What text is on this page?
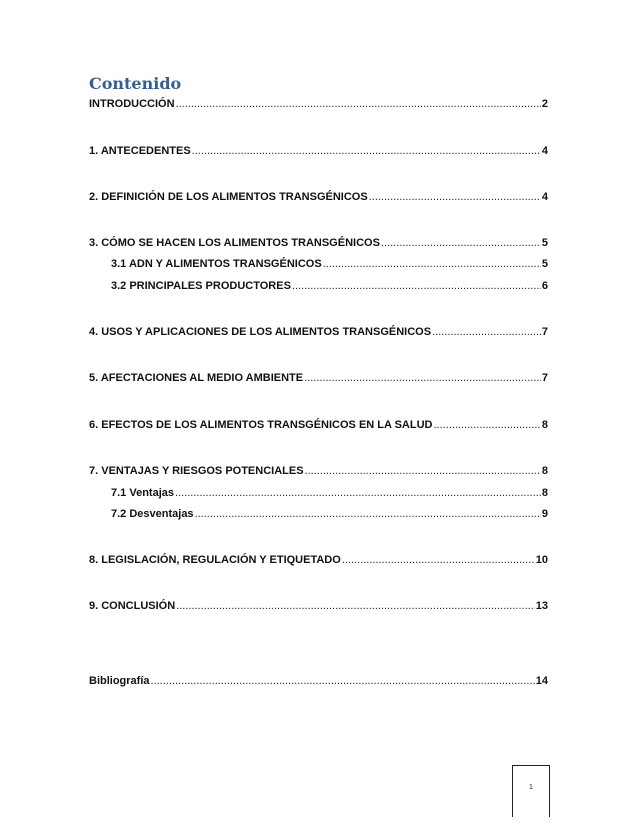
Contenido
INTRODUCCIÓN .....	2
1. ANTECEDENTES .....	4
2. DEFINICIÓN DE LOS ALIMENTOS TRANSGÉNICOS .....	4
3. CÓMO SE HACEN LOS ALIMENTOS TRANSGÉNICOS .....	5
3.1 ADN Y ALIMENTOS TRANSGÉNICOS .....	5
3.2 PRINCIPALES PRODUCTORES .....	6
4. USOS Y APLICACIONES DE LOS ALIMENTOS TRANSGÉNICOS .....	7
5. AFECTACIONES AL MEDIO AMBIENTE .....	7
6. EFECTOS DE LOS ALIMENTOS TRANSGÉNICOS EN LA SALUD .....	8
7. VENTAJAS Y RIESGOS POTENCIALES .....	8
7.1 Ventajas .....	8
7.2 Desventajas .....	9
8. LEGISLACIÓN, REGULACIÓN Y ETIQUETADO .....	10
9. CONCLUSIÓN .....	13
Bibliografía .....	14
1
